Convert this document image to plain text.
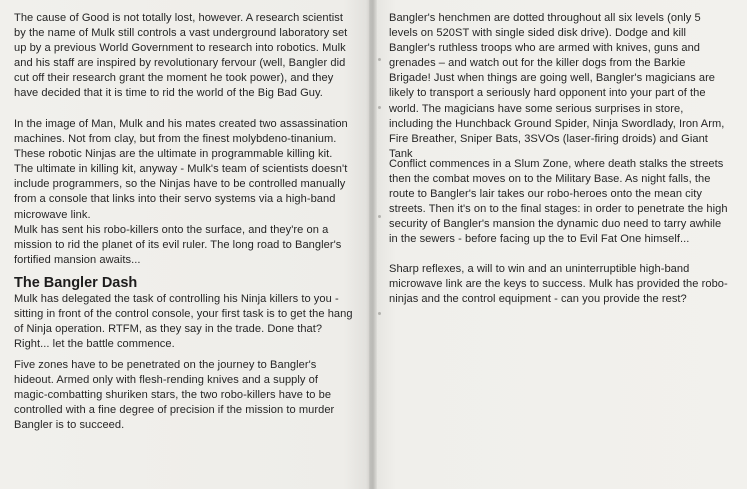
The cause of Good is not totally lost, however. A research scientist by the name of Mulk still controls a vast underground laboratory set up by a previous World Government to research into robotics. Mulk and his staff are inspired by revolutionary fervour (well, Bangler did cut off their research grant the moment he took power), and they have decided that it is time to rid the world of the Big Bad Guy.

In the image of Man, Mulk and his mates created two assassination machines. Not from clay, but from the finest molybdeno-tinanium. These robotic Ninjas are the ultimate in programmable killing kit. The ultimate in killing kit, anyway - Mulk's team of scientists doesn't include programmers, so the Ninjas have to be controlled manually from a console that links into their servo systems via a high-band microwave link.

Mulk has sent his robo-killers onto the surface, and they're on a mission to rid the planet of its evil ruler. The long road to Bangler's fortified mansion awaits...

The Bangler Dash

Mulk has delegated the task of controlling his Ninja killers to you - sitting in front of the control console, your first task is to get the hang of Ninja operation. RTFM, as they say in the trade. Done that? Right... let the battle commence.

Five zones have to be penetrated on the journey to Bangler's hideout. Armed only with flesh-rending knives and a supply of magic-combatting shuriken stars, the two robo-killers have to be controlled with a fine degree of precision if the mission to murder Bangler is to succeed.

Bangler's henchmen are dotted throughout all six levels (only 5 levels on 520ST with single sided disk drive). Dodge and kill Bangler's ruthless troops who are armed with knives, guns and grenades – and watch out for the killer dogs from the Barkie Brigade! Just when things are going well, Bangler's magicians are likely to transport a seriously hard opponent into your part of the world. The magicians have some serious surprises in store, including the Hunchback Ground Spider, Ninja Swordlady, Iron Arm, Fire Breather, Sniper Bats, 3SVOs (laser-firing droids) and Giant Tank

Conflict commences in a Slum Zone, where death stalks the streets then the combat moves on to the Military Base. As night falls, the route to Bangler's lair takes our robo-heroes onto the mean city streets. Then it's on to the final stages: in order to penetrate the high security of Bangler's mansion the dynamic duo need to tarry awhile in the sewers - before facing up the to Evil Fat One himself...

Sharp reflexes, a will to win and an uninterruptible high-band microwave link are the keys to success. Mulk has provided the robo-ninjas and the control equipment - can you provide the rest?
